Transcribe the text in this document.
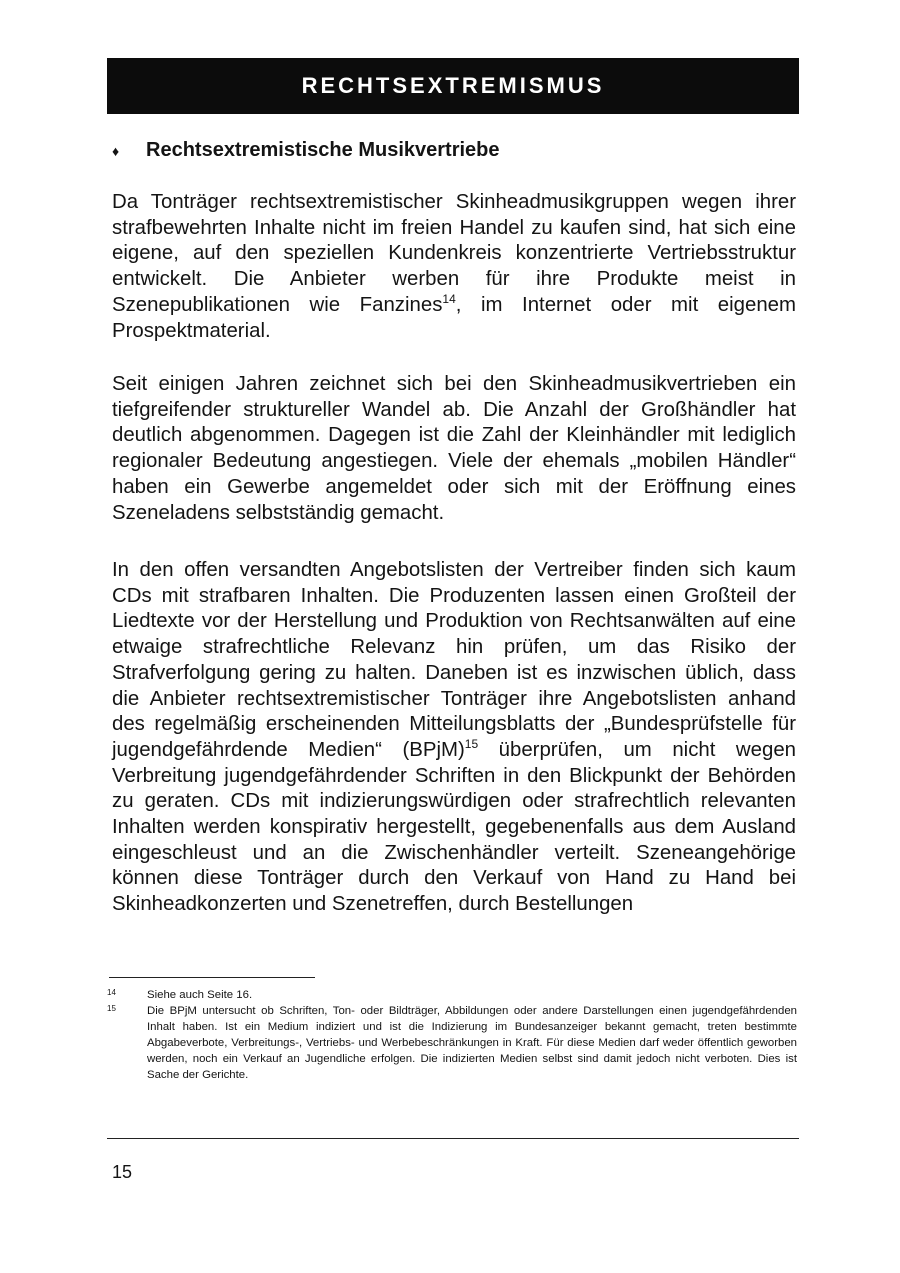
RECHTSEXTREMISMUS
♦	Rechtsextremistische Musikvertriebe

Da Tonträger rechtsextremistischer Skinheadmusikgruppen wegen ihrer strafbewehrten Inhalte nicht im freien Handel zu kaufen sind, hat sich eine eigene, auf den speziellen Kundenkreis konzentrierte Vertriebsstruktur entwickelt. Die Anbieter werben für ihre Produkte meist in Szenepublikationen wie Fanzines$^{14}$, im Internet oder mit eigenem Prospektmaterial.

Seit einigen Jahren zeichnet sich bei den Skinheadmusikvertrieben ein tiefgreifender struktureller Wandel ab. Die Anzahl der Großhändler hat deutlich abgenommen. Dagegen ist die Zahl der Kleinhändler mit lediglich regionaler Bedeutung angestiegen. Viele der ehemals „mobilen Händler“ haben ein Gewerbe angemeldet oder sich mit der Eröffnung eines Szeneladens selbstständig gemacht.

In den offen versandten Angebotslisten der Vertreiber finden sich kaum CDs mit strafbaren Inhalten. Die Produzenten lassen einen Großteil der Liedtexte vor der Herstellung und Produktion von Rechtsanwälten auf eine etwaige strafrechtliche Relevanz hin prüfen, um das Risiko der Strafverfolgung gering zu halten. Daneben ist es inzwischen üblich, dass die Anbieter rechtsextremistischer Tonträger ihre Angebotslisten anhand des regelmäßig erscheinenden Mitteilungsblatts der „Bundesprüfstelle für jugendgefährdende Medien“ (BPjM)$^{15}$ überprüfen, um nicht wegen Verbreitung jugendgefährdender Schriften in den Blickpunkt der Behörden zu geraten. CDs mit indizierungswürdigen oder strafrechtlich relevanten Inhalten werden konspirativ hergestellt, gegebenenfalls aus dem Ausland eingeschleust und an die Zwischenhändler verteilt. Szeneangehörige können diese Tonträger durch den Verkauf von Hand zu Hand bei Skinheadkonzerten und Szenetreffen, durch Bestellungen

14	Siehe auch Seite 16.
15	Die BPjM untersucht ob Schriften, Ton- oder Bildträger, Abbildungen oder andere Darstellungen einen jugendgefährdenden Inhalt haben. Ist ein Medium indiziert und ist die Indizierung im Bundesanzeiger bekannt gemacht, treten bestimmte Abgabeverbote, Verbreitungs-, Vertriebs- und Werbebeschränkungen in Kraft. Für diese Medien darf weder öffentlich geworben werden, noch ein Verkauf an Jugendliche erfolgen. Die indizierten Medien selbst sind damit jedoch nicht verboten. Dies ist Sache der Gerichte.
15
